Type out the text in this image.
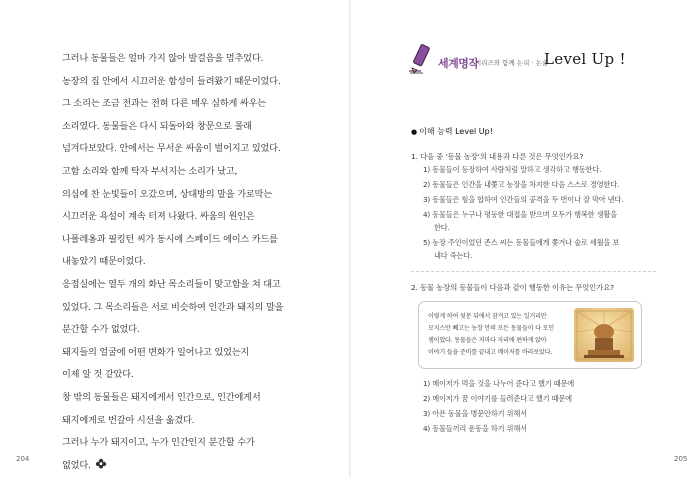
그러나 동물들은 얼마 가지 않아 발걸음을 멈추었다.
농장의 집 안에서 시끄러운 함성이 들려왔기 때문이었다.
그 소리는 조금 전과는 전혀 다른 매우 심하게 싸우는
소리였다. 동물들은 다시 되돌아와 창문으로 몰래
넘겨다보았다. 안에서는 무서운 싸움이 벌어지고 있었다.
고함 소리와 함께 탁자 부서지는 소리가 났고,
의심에 찬 눈빛들이 오갔으며, 상대방의 말을 가로막는
시끄러운 욕설이 계속 터져 나왔다. 싸움의 원인은
나폴레옹과 필킹턴 씨가 동시에 스페이드 에이스 카드를
내놓았기 때문이었다.
응접실에는 열두 개의 화난 목소리들이 맞고함을 쳐 대고
있었다. 그 목소리들은 서로 비슷하여 인간과 돼지의 말을
분간할 수가 없었다.
돼지들의 얼굴에 어떤 변화가 일어나고 있었는지
이제 알 것 같았다.
창 밖의 동물들은 돼지에게서 인간으로, 인간에게서
돼지에게로 번갈아 시선을 옮겼다.
그러나 누가 돼지이고, 누가 인간인지 분간할 수가
없었다.
204
세계명작
시리즈와 함께 논리 · 논술
Level Up !
● 이해 능력 Level Up!
1. 다음 중 ‘동물 농장’의 내용과 다른 것은 무엇인가요?
1) 동물들이 등장하여 사람처럼 말하고 생각하고 행동한다.
2) 동물들은 인간을 내쫓고 농장을 차지한 다음 스스로 경영한다.
3) 동물들은 힘을 합하여 인간들의 공격을 두 번이나 잘 막아 낸다.
4) 동물들은 누구나 평등한 대접을 받으며 모두가 행복한 생활을
한다.
5) 농장 주인이었던 존스 씨는 동물들에게 쫓겨나 술로 세월을 보
내다 죽는다.
2. 동물 농장의 동물들이 다음과 같이 행동한 이유는 무엇인가요?
이렇게 하여 뒷문 뒤에서 잠겨고 있는 일거리만
모지스만 빼고는 농장 안의 모든 동물들이 다 모인
셈이었다. 동물들은 저마다 자리에 편하게 앉아
이야기 들을 준비를 끝내고 메이저를 바라보았다.
1) 메이저가 먹을 것을 나누어 준다고 했기 때문에
2) 메이저가 꿈 이야기를 들려준다고 했기 때문에
3) 아픈 동물을 병문안하기 위해서
4) 동물들끼리 운동을 하기 위해서
205
